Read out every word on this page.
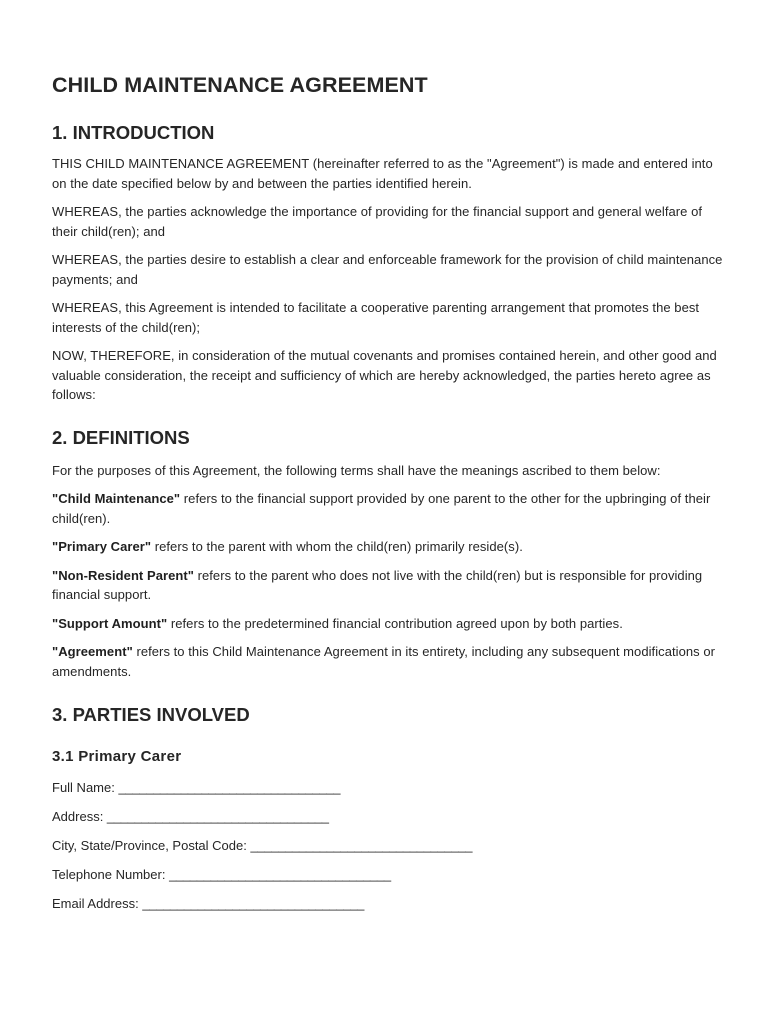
CHILD MAINTENANCE AGREEMENT
1. INTRODUCTION

THIS CHILD MAINTENANCE AGREEMENT (hereinafter referred to as the "Agreement") is made and entered into on the date specified below by and between the parties identified herein.

WHEREAS, the parties acknowledge the importance of providing for the financial support and general welfare of their child(ren); and

WHEREAS, the parties desire to establish a clear and enforceable framework for the provision of child maintenance payments; and

WHEREAS, this Agreement is intended to facilitate a cooperative parenting arrangement that promotes the best interests of the child(ren);

NOW, THEREFORE, in consideration of the mutual covenants and promises contained herein, and other good and valuable consideration, the receipt and sufficiency of which are hereby acknowledged, the parties hereto agree as follows:

2. DEFINITIONS

For the purposes of this Agreement, the following terms shall have the meanings ascribed to them below:

"Child Maintenance" refers to the financial support provided by one parent to the other for the upbringing of their child(ren).

"Primary Carer" refers to the parent with whom the child(ren) primarily reside(s).

"Non-Resident Parent" refers to the parent who does not live with the child(ren) but is responsible for providing financial support.

"Support Amount" refers to the predetermined financial contribution agreed upon by both parties.

"Agreement" refers to this Child Maintenance Agreement in its entirety, including any subsequent modifications or amendments.

3. PARTIES INVOLVED
3.1 Primary Carer

Full Name: ________________________________

Address: ________________________________

City, State/Province, Postal Code: ________________________________

Telephone Number: ________________________________

Email Address: ________________________________
